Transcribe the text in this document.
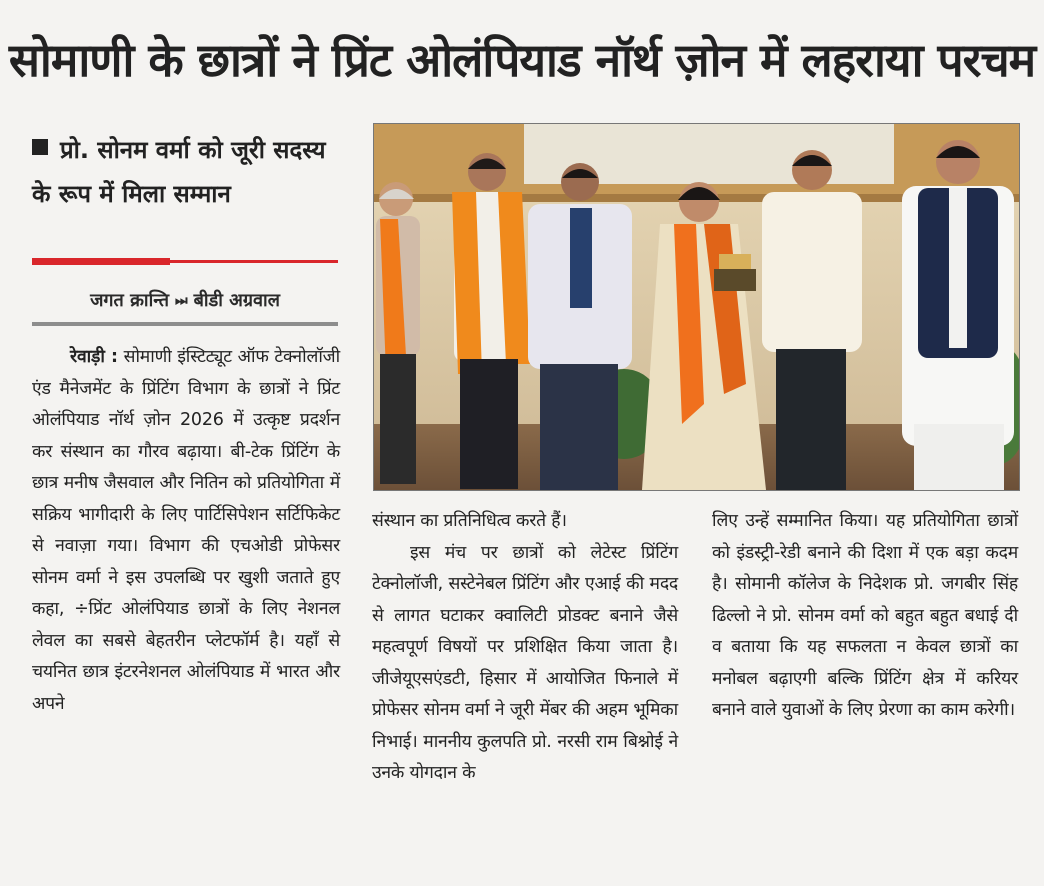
सोमाणी के छात्रों ने प्रिंट ओलंपियाड नॉर्थ ज़ोन में लहराया परचम
प्रो. सोनम वर्मा को जूरी सदस्य के रूप में मिला सम्मान
जगत क्रान्ति ⏭ बीडी अग्रवाल

रेवाड़ी : सोमाणी इंस्टिट्यूट ऑफ टेक्नोलॉजी एंड मैनेजमेंट के प्रिंटिंग विभाग के छात्रों ने प्रिंट ओलंपियाड नॉर्थ ज़ोन 2026 में उत्कृष्ट प्रदर्शन कर संस्थान का गौरव बढ़ाया। बी-टेक प्रिंटिंग के छात्र मनीष जैसवाल और नितिन को प्रतियोगिता में सक्रिय भागीदारी के लिए पार्टिसिपेशन सर्टिफिकेट से नवाज़ा गया। विभाग की एचओडी प्रोफेसर सोनम वर्मा ने इस उपलब्धि पर खुशी जताते हुए कहा, ÷प्रिंट ओलंपियाड छात्रों के लिए नेशनल लेवल का सबसे बेहतरीन प्लेटफॉर्म है। यहाँ से चयनित छात्र इंटरनेशनल ओलंपियाड में भारत और अपने

संस्थान का प्रतिनिधित्व करते हैं।

इस मंच पर छात्रों को लेटेस्ट प्रिंटिंग टेक्नोलॉजी, सस्टेनेबल प्रिंटिंग और एआई की मदद से लागत घटाकर क्वालिटी प्रोडक्ट बनाने जैसे महत्वपूर्ण विषयों पर प्रशिक्षित किया जाता है। जीजेयूएसएंडटी, हिसार में आयोजित फिनाले में प्रोफेसर सोनम वर्मा ने जूरी मेंबर की अहम भूमिका निभाई। माननीय कुलपति प्रो. नरसी राम बिश्नोई ने उनके योगदान के

लिए उन्हें सम्मानित किया। यह प्रतियोगिता छात्रों को इंडस्ट्री-रेडी बनाने की दिशा में एक बड़ा कदम है। सोमानी कॉलेज के निदेशक प्रो. जगबीर सिंह ढिल्लो ने प्रो. सोनम वर्मा को बहुत बहुत बधाई दी व बताया कि यह सफलता न केवल छात्रों का मनोबल बढ़ाएगी बल्कि प्रिंटिंग क्षेत्र में करियर बनाने वाले युवाओं के लिए प्रेरणा का काम करेगी।
